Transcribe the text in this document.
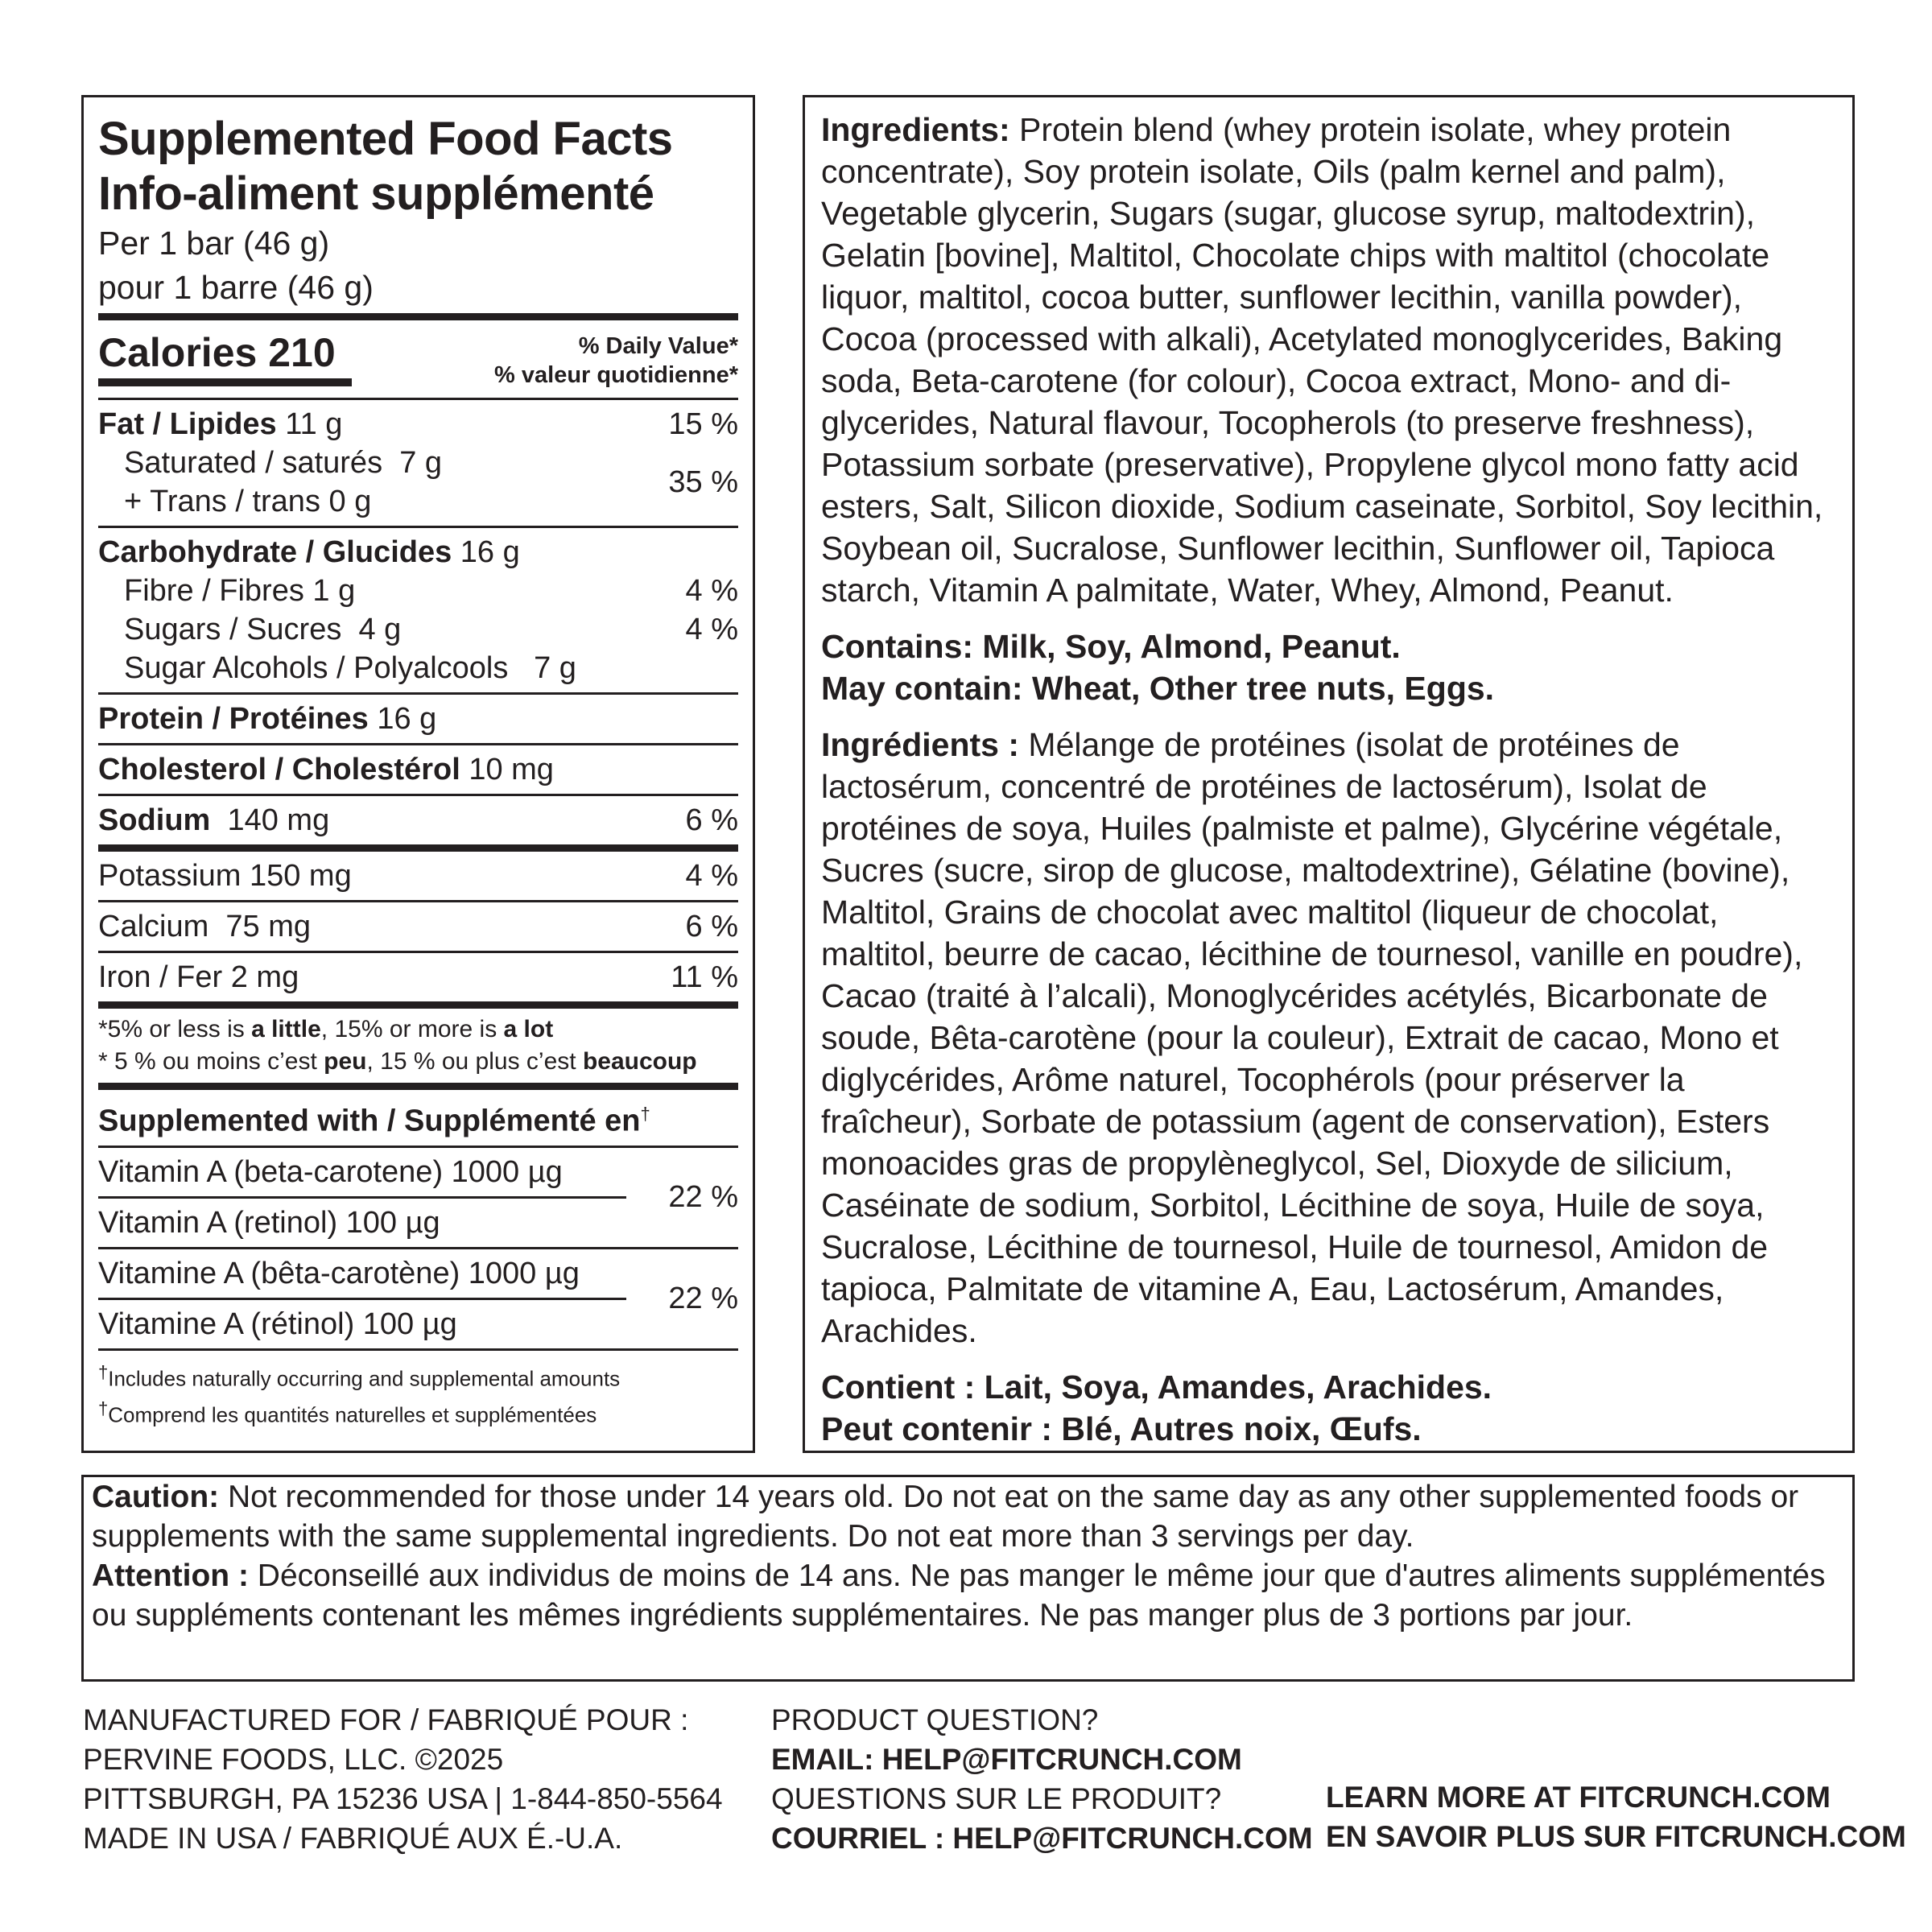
Supplemented Food Facts
Info-aliment supplémenté
Per 1 bar (46 g)
pour 1 barre (46 g)
Calories 210	% Daily Value*
% valeur quotidienne*
Fat / Lipides 11 g	15 %
Saturated / saturés 7 g
+ Trans / trans 0 g
35 %
Carbohydrate / Glucides 16 g
Fibre / Fibres 1 g	4 %
Sugars / Sucres 4 g	4 %
Sugar Alcohols / Polyalcools 7 g
Protein / Protéines 16 g
Cholesterol / Cholestérol 10 mg
Sodium 140 mg	6 %
Potassium 150 mg	4 %
Calcium 75 mg	6 %
Iron / Fer 2 mg	11 %
*5% or less is a little, 15% or more is a lot
* 5 % ou moins c’est peu, 15 % ou plus c’est beaucoup
Supplemented with / Supplémenté en†
Vitamin A (beta-carotene) 1000 µg
Vitamin A (retinol) 100 µg
22 %
Vitamine A (bêta-carotène) 1000 µg
Vitamine A (rétinol) 100 µg
22 %
†Includes naturally occurring and supplemental amounts
†Comprend les quantités naturelles et supplémentées

Ingredients: Protein blend (whey protein isolate, whey protein concentrate), Soy protein isolate, Oils (palm kernel and palm), Vegetable glycerin, Sugars (sugar, glucose syrup, maltodextrin), Gelatin [bovine], Maltitol, Chocolate chips with maltitol (chocolate liquor, maltitol, cocoa butter, sunflower lecithin, vanilla powder), Cocoa (processed with alkali), Acetylated monoglycerides, Baking soda, Beta-carotene (for colour), Cocoa extract, Mono- and di-glycerides, Natural flavour, Tocopherols (to preserve freshness), Potassium sorbate (preservative), Propylene glycol mono fatty acid esters, Salt, Silicon dioxide, Sodium caseinate, Sorbitol, Soy lecithin, Soybean oil, Sucralose, Sunflower lecithin, Sunflower oil, Tapioca starch, Vitamin A palmitate, Water, Whey, Almond, Peanut.

Contains: Milk, Soy, Almond, Peanut.

May contain: Wheat, Other tree nuts, Eggs.

Ingrédients : Mélange de protéines (isolat de protéines de lactosérum, concentré de protéines de lactosérum), Isolat de protéines de soya, Huiles (palmiste et palme), Glycérine végétale, Sucres (sucre, sirop de glucose, maltodextrine), Gélatine (bovine), Maltitol, Grains de chocolat avec maltitol (liqueur de chocolat, maltitol, beurre de cacao, lécithine de tournesol, vanille en poudre), Cacao (traité à l’alcali), Monoglycérides acétylés, Bicarbonate de soude, Bêta-carotène (pour la couleur), Extrait de cacao, Mono et diglycérides, Arôme naturel, Tocophérols (pour préserver la fraîcheur), Sorbate de potassium (agent de conservation), Esters monoacides gras de propylèneglycol, Sel, Dioxyde de silicium, Caséinate de sodium, Sorbitol, Lécithine de soya, Huile de soya, Sucralose, Lécithine de tournesol, Huile de tournesol, Amidon de tapioca, Palmitate de vitamine A, Eau, Lactosérum, Amandes, Arachides.

Contient : Lait, Soya, Amandes, Arachides.

Peut contenir : Blé, Autres noix, Œufs.

Caution: Not recommended for those under 14 years old. Do not eat on the same day as any other supplemented foods or supplements with the same supplemental ingredients. Do not eat more than 3 servings per day.
Attention : Déconseillé aux individus de moins de 14 ans. Ne pas manger le même jour que d'autres aliments supplémentés ou suppléments contenant les mêmes ingrédients supplémentaires. Ne pas manger plus de 3 portions par jour.
MANUFACTURED FOR / FABRIQUÉ POUR :
PERVINE FOODS, LLC. ©2025
PITTSBURGH, PA 15236 USA | 1-844-850-5564
MADE IN USA / FABRIQUÉ AUX É.-U.A.
PRODUCT QUESTION?
EMAIL: HELP@FITCRUNCH.COM
QUESTIONS SUR LE PRODUIT?
COURRIEL : HELP@FITCRUNCH.COM
LEARN MORE AT FITCRUNCH.COM
EN SAVOIR PLUS SUR FITCRUNCH.COM
